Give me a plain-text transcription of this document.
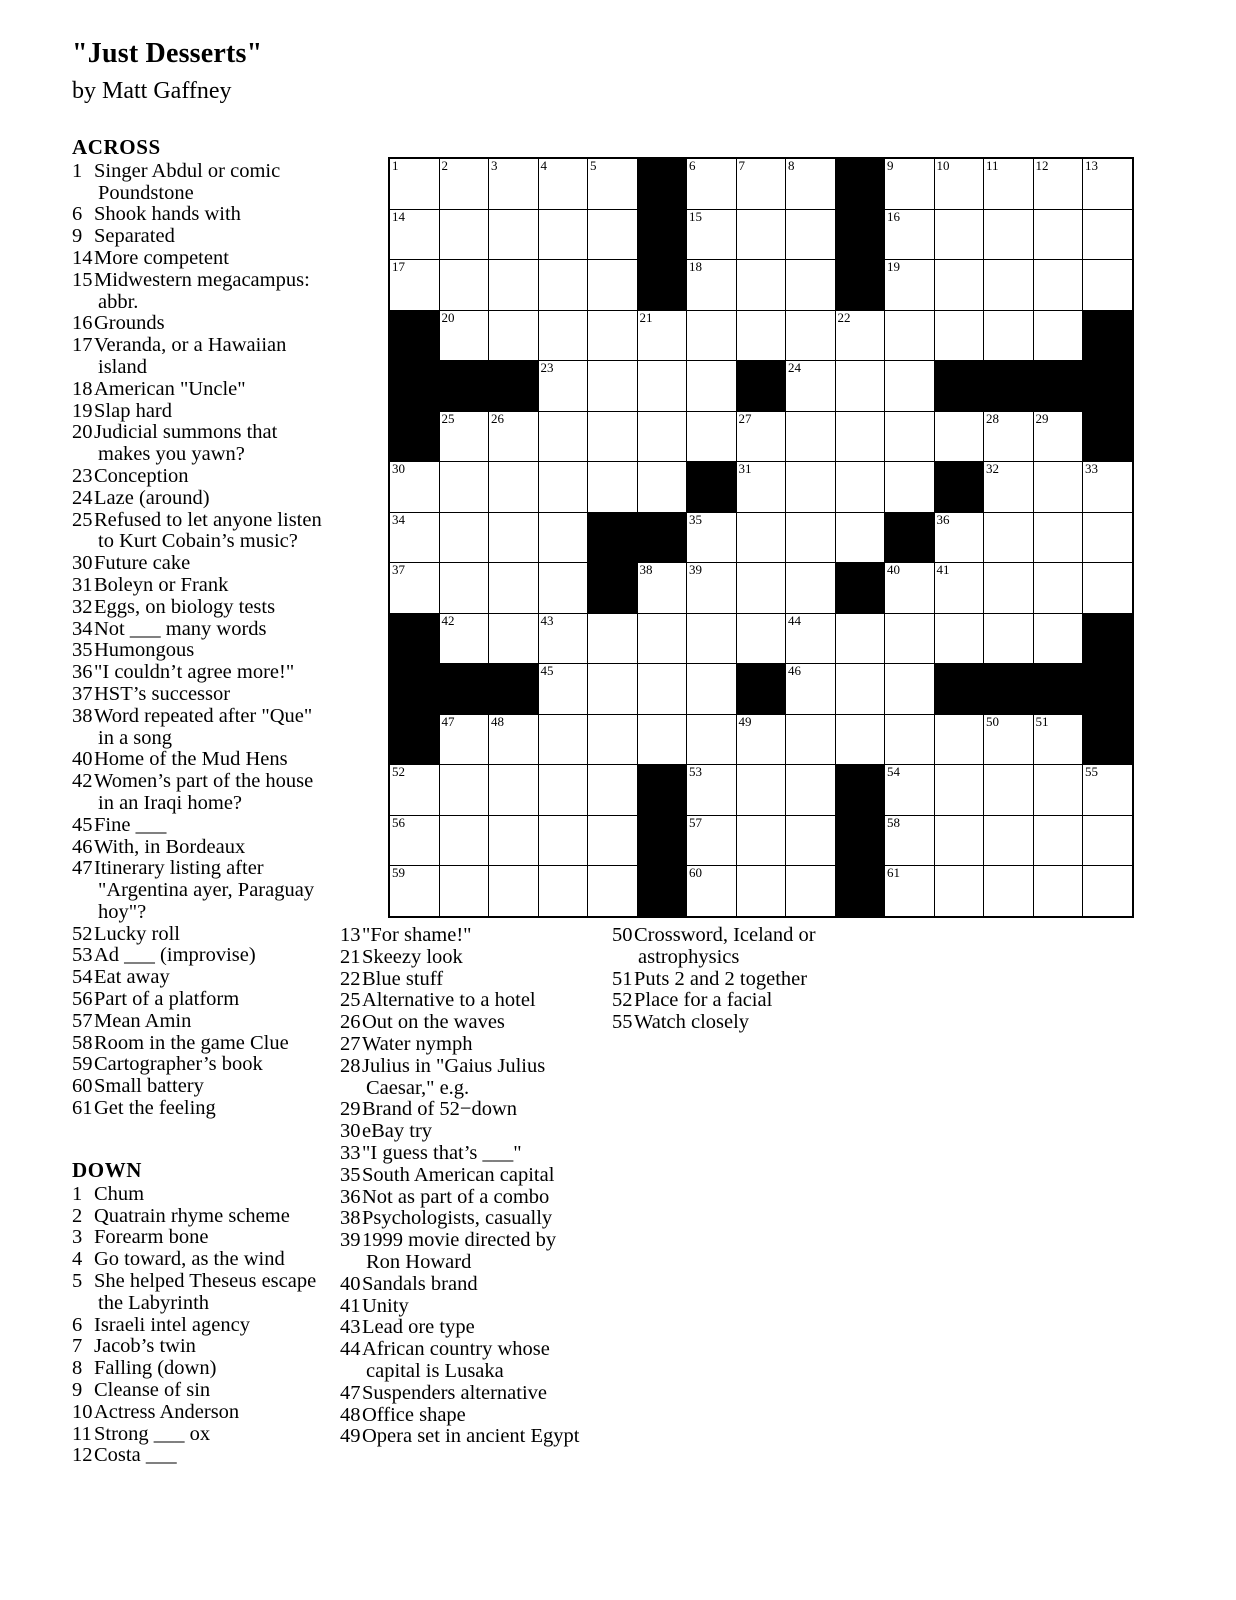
"Just Desserts"
by Matt Gaffney
ACROSS
1 Singer Abdul or comic Poundstone
6 Shook hands with
9 Separated
14More competent
15Midwestern megacampus: abbr.
16Grounds
17Veranda, or a Hawaiian island
18American "Uncle"
19Slap hard
20Judicial summons that makes you yawn?
23Conception
24Laze (around)
25Refused to let anyone listen to Kurt Cobain’s music?
30Future cake
31Boleyn or Frank
32Eggs, on biology tests
34Not ___ many words
35Humongous
36"I couldn’t agree more!"
37HST’s successor
38Word repeated after "Que" in a song
40Home of the Mud Hens
42Women’s part of the house in an Iraqi home?
45Fine ___
46With, in Bordeaux
47Itinerary listing after "Argentina ayer, Paraguay hoy"?
52Lucky roll
53Ad ___ (improvise)
54Eat away
56Part of a platform
57Mean Amin
58Room in the game Clue
59Cartographer’s book
60Small battery
61Get the feeling
DOWN
1 Chum
2 Quatrain rhyme scheme
3 Forearm bone
4 Go toward, as the wind
5 She helped Theseus escape the Labyrinth
6 Israeli intel agency
7 Jacob’s twin
8 Falling (down)
9 Cleanse of sin
10Actress Anderson
11 Strong ___ ox
12Costa ___
13"For shame!"
21Skeezy look
22Blue stuff
25Alternative to a hotel
26Out on the waves
27Water nymph
28Julius in "Gaius Julius Caesar," e.g.
29Brand of 52−down
30eBay try
33"I guess that’s ___"
35South American capital
36Not as part of a combo
38Psychologists, casually
391999 movie directed by Ron Howard
40Sandals brand
41Unity
43Lead ore type
44African country whose capital is Lusaka
47Suspenders alternative
48Office shape
49Opera set in ancient Egypt
50Crossword, Iceland or astrophysics
51Puts 2 and 2 together
52Place for a facial
55Watch closely
1	2	3	4	5		6	7	8		9	10	11	12	13

14						15				16				

17						18				19				

	20				21				22					

			23					24						

	25	26					27					28	29	

30							31					32		33

34						35					36			

37					38	39				40	41			

	42		43					44						

			45					46						

	47	48					49					50	51	

52						53				54				55

56						57				58				

59						60				61				
